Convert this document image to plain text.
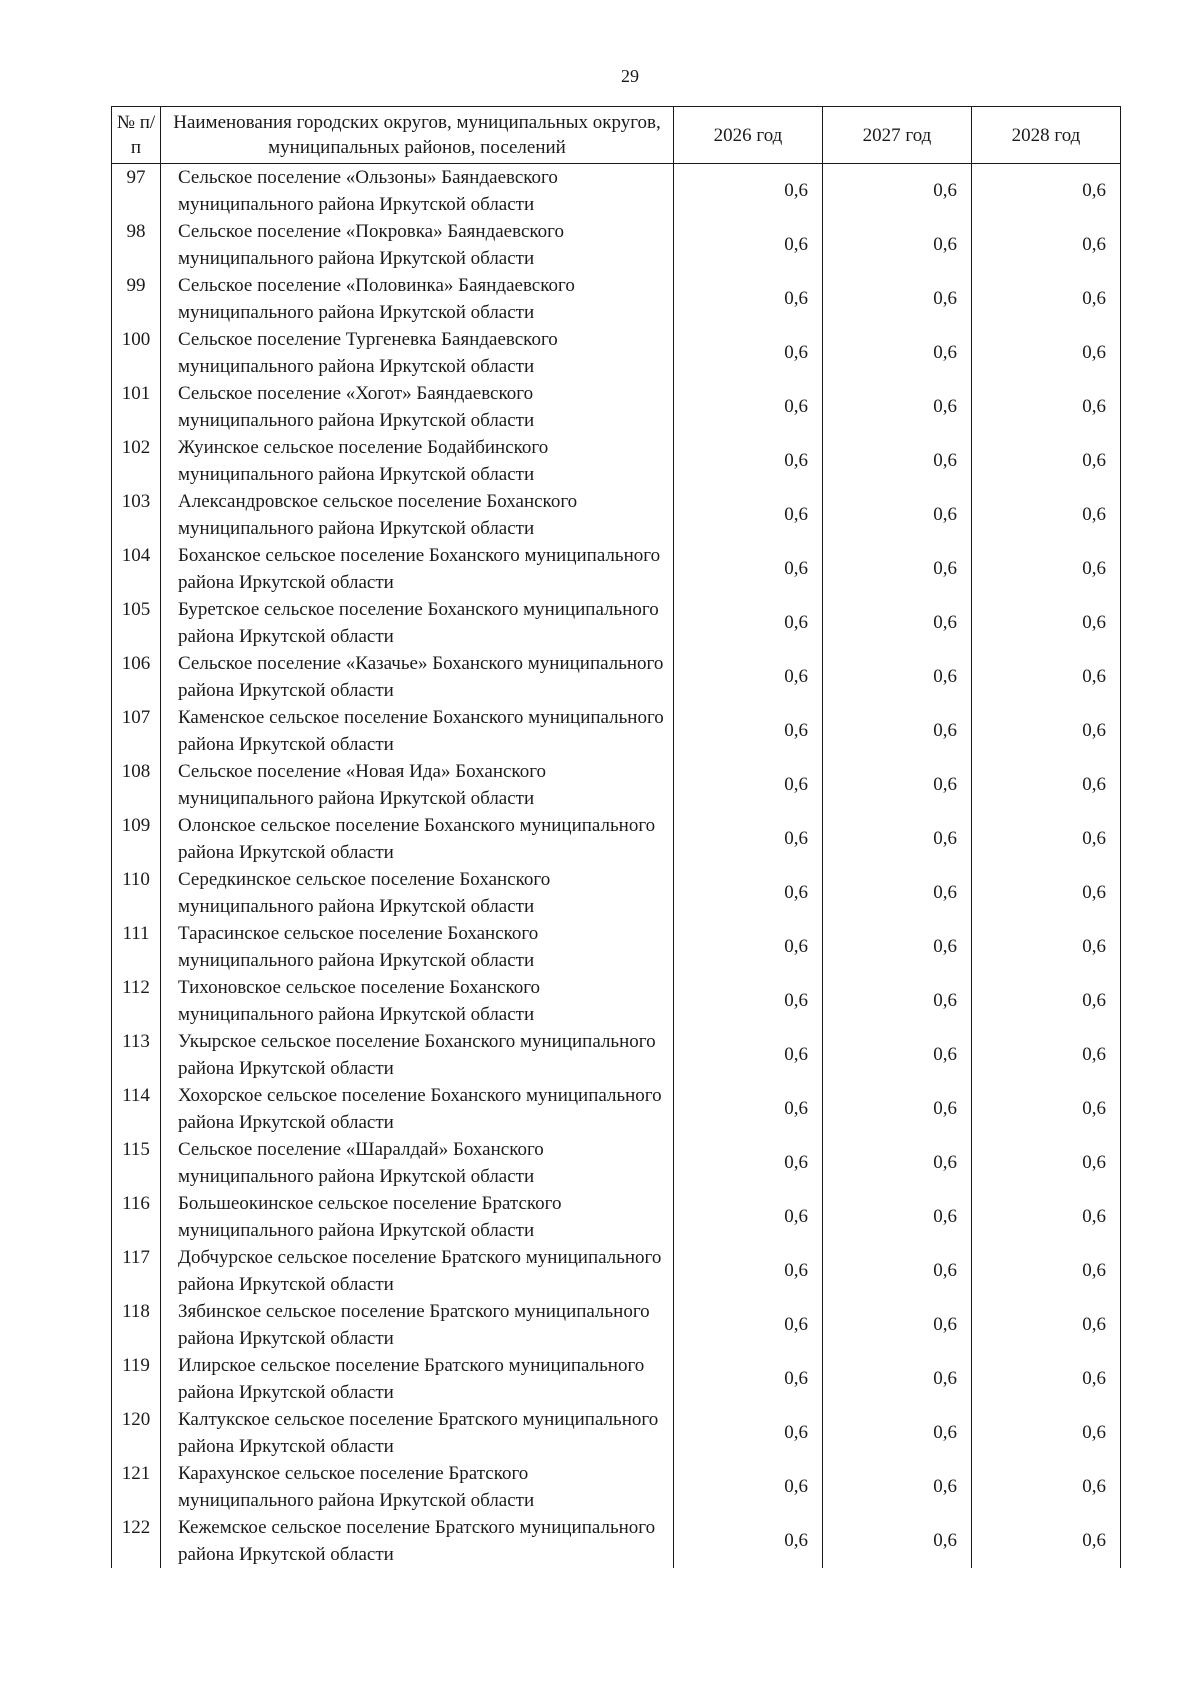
29
№ п/п	Наименования городских округов, муниципальных округов, муниципальных районов, поселений	2026 год	2027 год	2028 год
97	Сельское поселение «Ользоны» Баяндаевского муниципального района Иркутской области	0,6	0,6	0,6
98	Сельское поселение «Покровка» Баяндаевского муниципального района Иркутской области	0,6	0,6	0,6
99	Сельское поселение «Половинка» Баяндаевского муниципального района Иркутской области	0,6	0,6	0,6
100	Сельское поселение Тургеневка Баяндаевского муниципального района Иркутской области	0,6	0,6	0,6
101	Сельское поселение «Хогот» Баяндаевского муниципального района Иркутской области	0,6	0,6	0,6
102	Жуинское сельское поселение Бодайбинского муниципального района Иркутской области	0,6	0,6	0,6
103	Александровское сельское поселение Боханского муниципального района Иркутской области	0,6	0,6	0,6
104	Боханское сельское поселение Боханского муниципального района Иркутской области	0,6	0,6	0,6
105	Буретское сельское поселение Боханского муниципального района Иркутской области	0,6	0,6	0,6
106	Сельское поселение «Казачье» Боханского муниципального района Иркутской области	0,6	0,6	0,6
107	Каменское сельское поселение Боханского муниципального района Иркутской области	0,6	0,6	0,6
108	Сельское поселение «Новая Ида» Боханского муниципального района Иркутской области	0,6	0,6	0,6
109	Олонское сельское поселение Боханского муниципального района Иркутской области	0,6	0,6	0,6
110	Середкинское сельское поселение Боханского муниципального района Иркутской области	0,6	0,6	0,6
111	Тарасинское сельское поселение Боханского муниципального района Иркутской области	0,6	0,6	0,6
112	Тихоновское сельское поселение Боханского муниципального района Иркутской области	0,6	0,6	0,6
113	Укырское сельское поселение Боханского муниципального района Иркутской области	0,6	0,6	0,6
114	Хохорское сельское поселение Боханского муниципального района Иркутской области	0,6	0,6	0,6
115	Сельское поселение «Шаралдай» Боханского муниципального района Иркутской области	0,6	0,6	0,6
116	Большеокинское сельское поселение Братского муниципального района Иркутской области	0,6	0,6	0,6
117	Добчурское сельское поселение Братского муниципального района Иркутской области	0,6	0,6	0,6
118	Зябинское сельское поселение Братского муниципального района Иркутской области	0,6	0,6	0,6
119	Илирское сельское поселение Братского муниципального района Иркутской области	0,6	0,6	0,6
120	Калтукское сельское поселение Братского муниципального района Иркутской области	0,6	0,6	0,6
121	Карахунское сельское поселение Братского муниципального района Иркутской области	0,6	0,6	0,6
122	Кежемское сельское поселение Братского муниципального района Иркутской области	0,6	0,6	0,6
